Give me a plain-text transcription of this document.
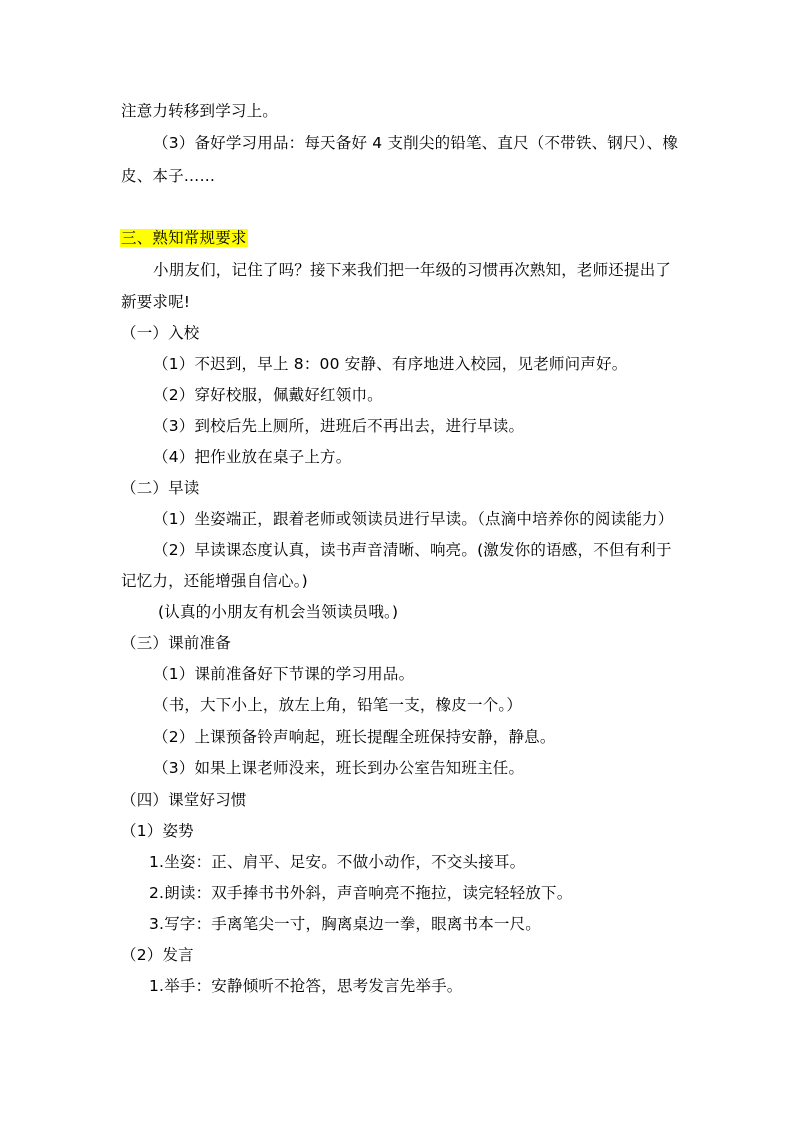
注意力转移到学习上。
（3）备好学习用品：每天备好 4 支削尖的铅笔、直尺（不带铁、钢尺）、橡
皮、本子……
三、熟知常规要求
小朋友们，记住了吗？接下来我们把一年级的习惯再次熟知，老师还提出了
新要求呢!
（一）入校
（1）不迟到，早上 8：00 安静、有序地进入校园，见老师问声好。
（2）穿好校服，佩戴好红领巾。
（3）到校后先上厕所，进班后不再出去，进行早读。
（4）把作业放在桌子上方。
（二）早读
（1）坐姿端正，跟着老师或领读员进行早读。（点滴中培养你的阅读能力）
（2）早读课态度认真，读书声音清晰、响亮。(激发你的语感，不但有利于
记忆力，还能增强自信心。)
(认真的小朋友有机会当领读员哦。)
（三）课前准备
（1）课前准备好下节课的学习用品。
（书，大下小上，放左上角，铅笔一支，橡皮一个。）
（2）上课预备铃声响起，班长提醒全班保持安静，静息。
（3）如果上课老师没来，班长到办公室告知班主任。
（四）课堂好习惯
（1）姿势
1.坐姿：正、肩平、足安。不做小动作，不交头接耳。
2.朗读：双手捧书书外斜，声音响亮不拖拉，读完轻轻放下。
3.写字：手离笔尖一寸，胸离桌边一拳，眼离书本一尺。
（2）发言
1.举手：安静倾听不抢答，思考发言先举手。
